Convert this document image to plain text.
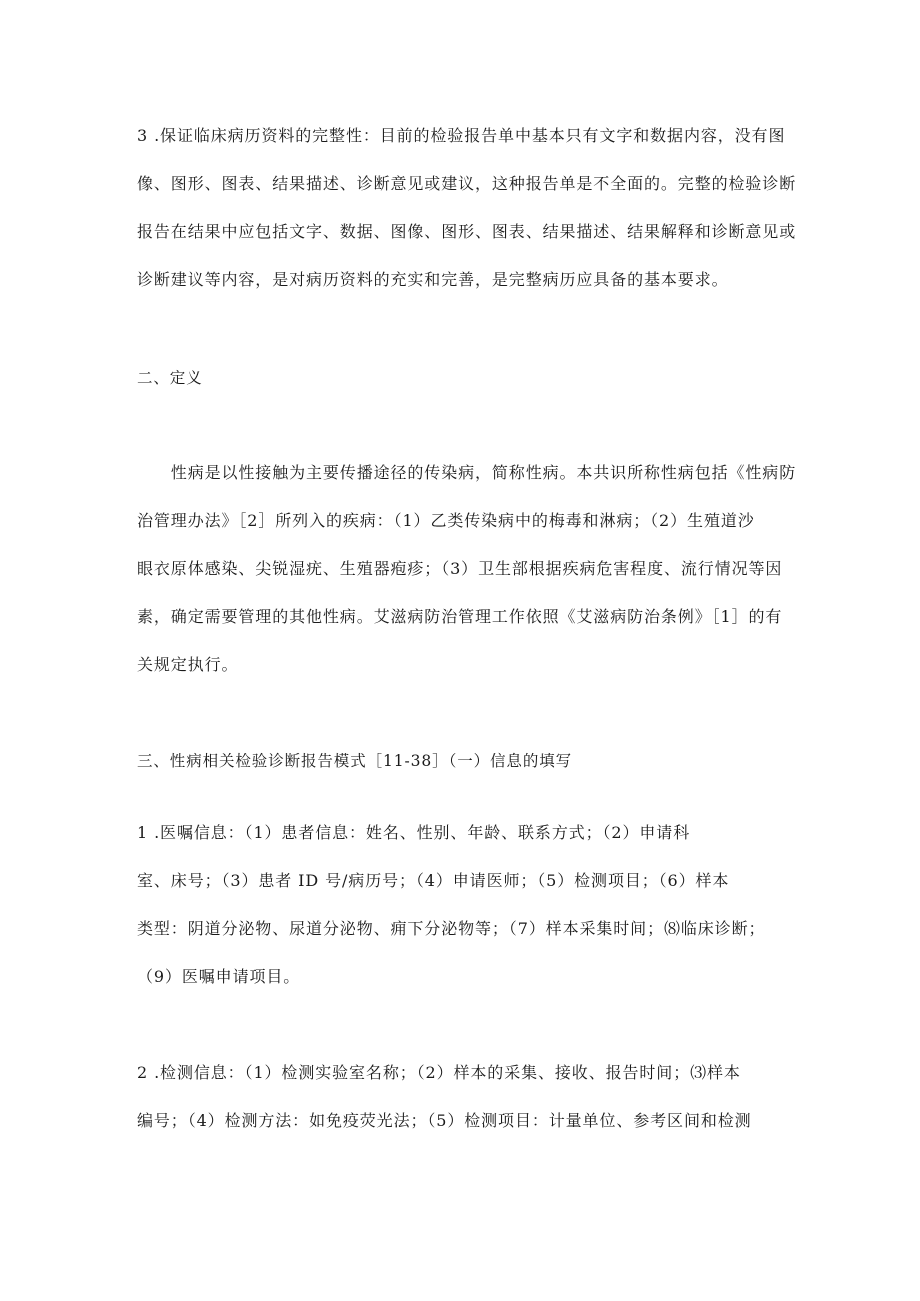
3 .保证临床病历资料的完整性：目前的检验报告单中基本只有文字和数据内容，没有图
像、图形、图表、结果描述、诊断意见或建议，这种报告单是不全面的。完整的检验诊断
报告在结果中应包括文字、数据、图像、图形、图表、结果描述、结果解释和诊断意见或
诊断建议等内容，是对病历资料的充实和完善，是完整病历应具备的基本要求。
二、定义
　　性病是以性接触为主要传播途径的传染病，简称性病。本共识所称性病包括《性病防
治管理办法》［2］所列入的疾病：（1）乙类传染病中的梅毒和淋病；（2）生殖道沙
眼衣原体感染、尖锐湿疣、生殖器疱疹；（3）卫生部根据疾病危害程度、流行情况等因
素，确定需要管理的其他性病。艾滋病防治管理工作依照《艾滋病防治条例》［1］的有
关规定执行。
三、性病相关检验诊断报告模式［11-38］（一）信息的填写
1 .医嘱信息：（1）患者信息：姓名、性别、年龄、联系方式；（2）申请科
室、床号；（3）患者 ID 号/病历号；（4）申请医师；（5）检测项目；（6）样本
类型：阴道分泌物、尿道分泌物、痈下分泌物等；（7）样本采集时间；⑻临床诊断；
（9）医嘱申请项目。
2 .检测信息：（1）检测实验室名称；（2）样本的采集、接收、报告时间；⑶样本
编号；（4）检测方法：如免疫荧光法；（5）检测项目：计量单位、参考区间和检测
